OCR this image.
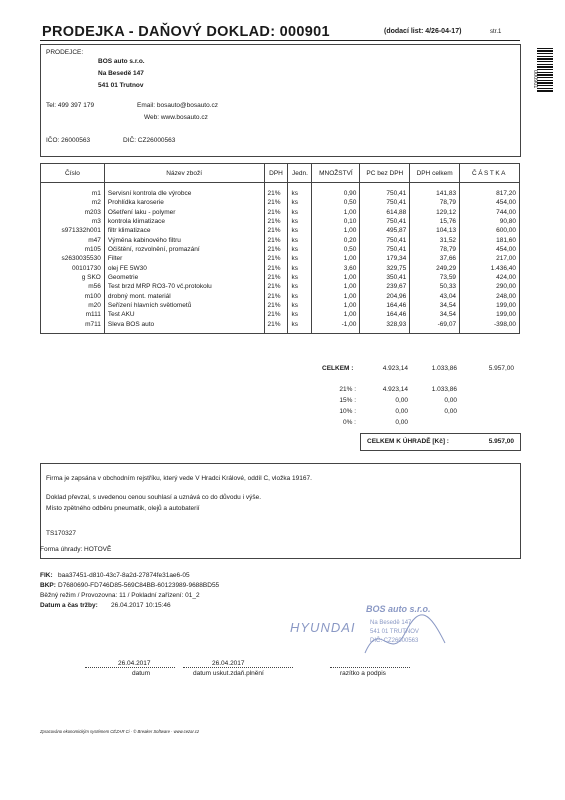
PRODEJKA - DAŇOVÝ DOKLAD: 000901	(dodací list: 4/26-04-17)	str.1
000901
PRODEJCE:
BOS auto s.r.o.
Na Besedě 147
541 01 Trutnov
Tel: 499 397 179	Email: bosauto@bosauto.cz
Web: www.bosauto.cz
IČO: 26000563	DIČ: CZ26000563
Číslo	Název zboží	DPH	Jedn.	MNOŽSTVÍ	PC bez DPH	DPH celkem	ČÁSTKA
m1	Servisní kontrola dle výrobce	21%	ks	0,90	750,41	141,83	817,20
m2	Prohlídka karoserie	21%	ks	0,50	750,41	78,79	454,00
m203	Ošetření laku - polymer	21%	ks	1,00	614,88	129,12	744,00
m3	kontrola klimatizace	21%	ks	0,10	750,41	15,76	90,80
s971332h001	filtr klimatizace	21%	ks	1,00	495,87	104,13	600,00
m47	Výměna kabinového filtru	21%	ks	0,20	750,41	31,52	181,60
m105	Očištění, rozvolnění, promazání	21%	ks	0,50	750,41	78,79	454,00
s2630035530	Filter	21%	ks	1,00	179,34	37,66	217,00
00101730	olej FE 5W30	21%	ks	3,60	329,75	249,29	1.436,40
g SKO	Geometrie	21%	ks	1,00	350,41	73,59	424,00
m56	Test brzd MRP RO3-70 vč.protokolu	21%	ks	1,00	239,67	50,33	290,00
m100	drobný mont. materiál	21%	ks	1,00	204,96	43,04	248,00
m20	Seřízení hlavních světlometů	21%	ks	1,00	164,46	34,54	199,00
m111	Test AKU	21%	ks	1,00	164,46	34,54	199,00
m711	Sleva BOS auto	21%	ks	-1,00	328,93	-69,07	-398,00
CELKEM :	4.923,14	1.033,86	5.957,00
21% :	4.923,14	1.033,86
15% :	0,00	0,00
10% :	0,00	0,00
0% :	0,00
CELKEM K ÚHRADĚ [Kč] :	5.957,00
Firma je zapsána v obchodním rejstříku, který vede V Hradci Králové, oddíl C, vložka 19167.
Doklad převzal, s uvedenou cenou souhlasí a uznává co do důvodu i výše.
Místo zpětného odběru pneumatik, olejů a autobaterií
TS170327
Forma úhrady: HOTOVĚ
FIK: baa37451-d810-43c7-8a2d-27874fe31ae6-05
BKP: D7680690-FD746D85-569C84BB-60123989-9688BD55
Běžný režim / Provozovna: 11 / Pokladní zařízení: 01_2
Datum a čas tržby: 26.04.2017 10:15:46
HYUNDAI
BOS auto s.r.o.
Na Besedě 147
541 01 TRUTNOV
DIČ: CZ26000563
26.04.2017
datum
26.04.2017
datum uskut.zdaň.plnění	razítko a podpis
Zpracováno ekonomickým systémem CÉZAR Ci · © Breaker Software · www.cezar.cz
